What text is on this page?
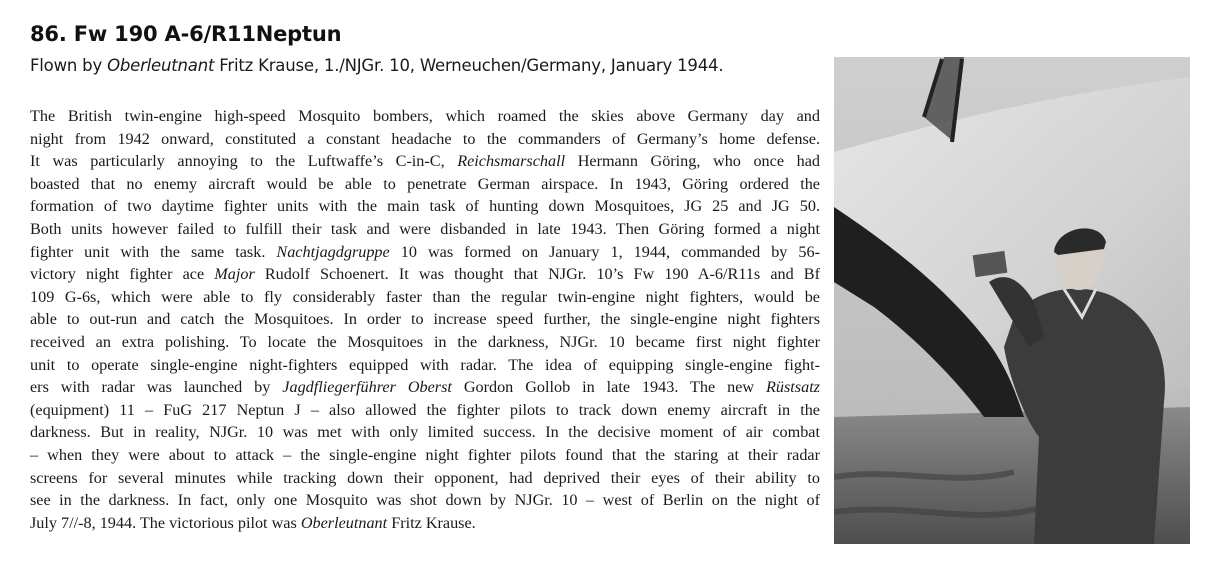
86. Fw 190 A-6/R11Neptun
Flown by Oberleutnant Fritz Krause, 1./NJGr. 10, Werneuchen/Germany, January 1944.
The British twin-engine high-speed Mosquito bombers, which roamed the skies above Germany day and
night from 1942 onward, constituted a constant headache to the commanders of Germany’s home defense.
It was particularly annoying to the Luftwaffe’s C-in-C, Reichsmarschall Hermann Göring, who once had
boasted that no enemy aircraft would be able to penetrate German airspace. In 1943, Göring ordered the
formation of two daytime fighter units with the main task of hunting down Mosquitoes, JG 25 and JG 50.
Both units however failed to fulfill their task and were disbanded in late 1943. Then Göring formed a night
fighter unit with the same task. Nachtjagdgruppe 10 was formed on January 1, 1944, commanded by 56-
victory night fighter ace Major Rudolf Schoenert. It was thought that NJGr. 10’s Fw 190 A-6/R11s and Bf
109 G-6s, which were able to fly considerably faster than the regular twin-engine night fighters, would be
able to out-run and catch the Mosquitoes. In order to increase speed further, the single-engine night fighters
received an extra polishing. To locate the Mosquitoes in the darkness, NJGr. 10 became first night fighter
unit to operate single-engine night-fighters equipped with radar. The idea of equipping single-engine fight-
ers with radar was launched by Jagdfliegerführer Oberst Gordon Gollob in late 1943. The new Rüstsatz
(equipment) 11 – FuG 217 Neptun J – also allowed the fighter pilots to track down enemy aircraft in the
darkness. But in reality, NJGr. 10 was met with only limited success. In the decisive moment of air combat
– when they were about to attack – the single-engine night fighter pilots found that the staring at their radar
screens for several minutes while tracking down their opponent, had deprived their eyes of their ability to
see in the darkness. In fact, only one Mosquito was shot down by NJGr. 10 – west of Berlin on the night of
July 7//-8, 1944. The victorious pilot was Oberleutnant Fritz Krause.
